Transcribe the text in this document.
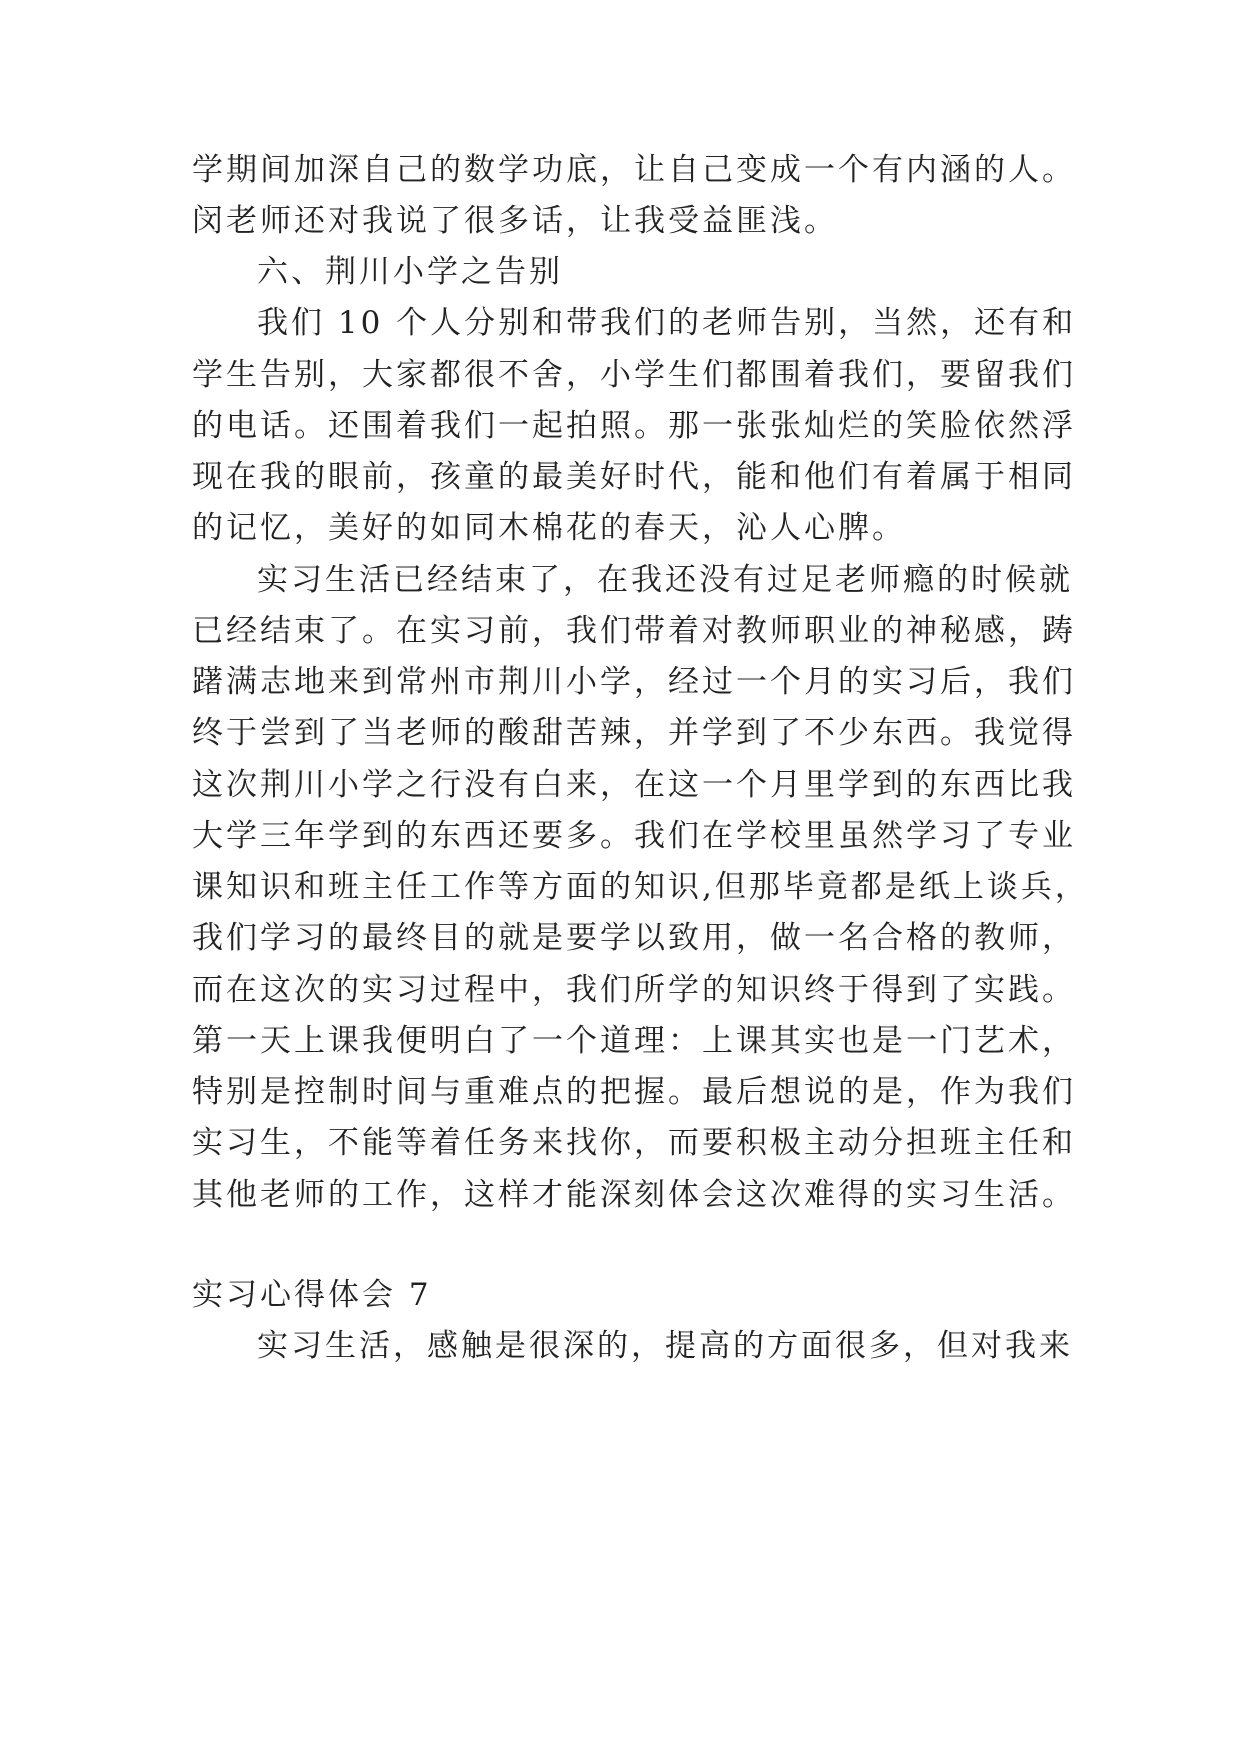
学期间加深自己的数学功底，让自己变成一个有内涵的人。
闵老师还对我说了很多话，让我受益匪浅。
六、荆川小学之告别
我们 10 个人分别和带我们的老师告别，当然，还有和
学生告别，大家都很不舍，小学生们都围着我们，要留我们
的电话。还围着我们一起拍照。那一张张灿烂的笑脸依然浮
现在我的眼前，孩童的最美好时代，能和他们有着属于相同
的记忆，美好的如同木棉花的春天，沁人心脾。
实习生活已经结束了，在我还没有过足老师瘾的时候就
已经结束了。在实习前，我们带着对教师职业的神秘感，踌
躇满志地来到常州市荆川小学，经过一个月的实习后，我们
终于尝到了当老师的酸甜苦辣，并学到了不少东西。我觉得
这次荆川小学之行没有白来，在这一个月里学到的东西比我
大学三年学到的东西还要多。我们在学校里虽然学习了专业
课知识和班主任工作等方面的知识,但那毕竟都是纸上谈兵，
我们学习的最终目的就是要学以致用，做一名合格的教师，
而在这次的实习过程中，我们所学的知识终于得到了实践。
第一天上课我便明白了一个道理：上课其实也是一门艺术，
特别是控制时间与重难点的把握。最后想说的是，作为我们
实习生，不能等着任务来找你，而要积极主动分担班主任和
其他老师的工作，这样才能深刻体会这次难得的实习生活。
实习心得体会 7
实习生活，感触是很深的，提高的方面很多，但对我来
